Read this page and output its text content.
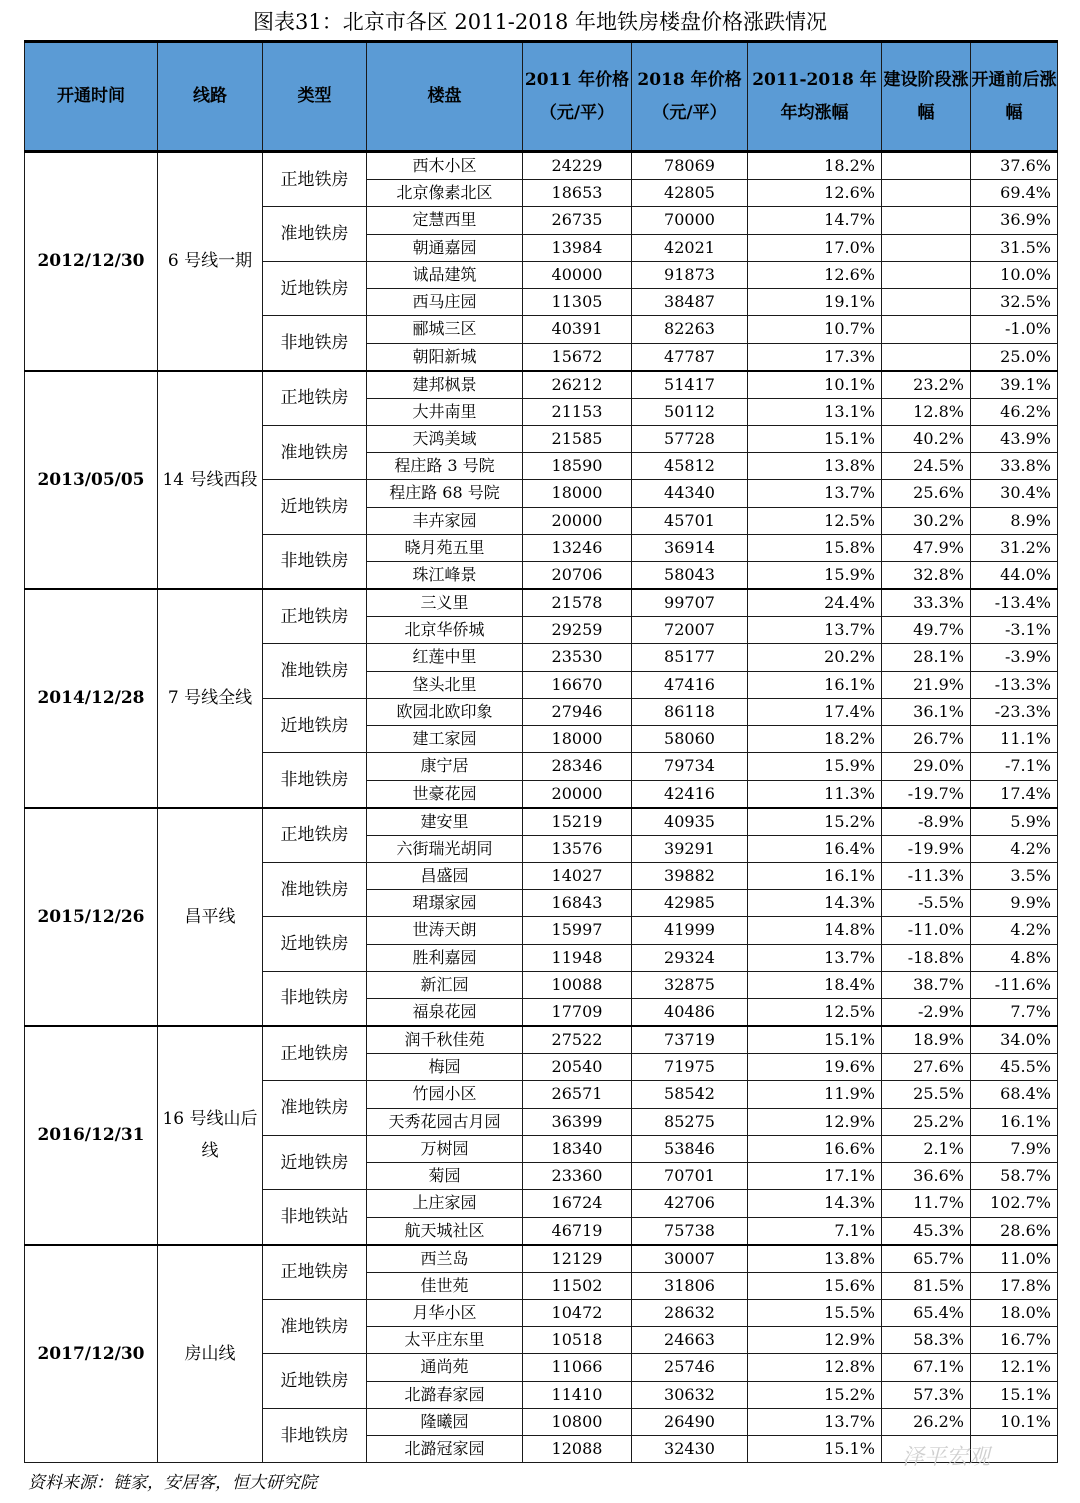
图表31：北京市各区 2011-2018 年地铁房楼盘价格涨跌情况
开通时间	线路	类型	楼盘	2011 年价格（元/平）	2018 年价格（元/平）	2011-2018 年年均涨幅	建设阶段涨幅	开通前后涨幅
2012/12/30	6 号线一期	正地铁房	西木小区	24229	78069	18.2%		37.6%
			北京像素北区	18653	42805	12.6%		69.4%
		准地铁房	定慧西里	26735	70000	14.7%		36.9%
			朝通嘉园	13984	42021	17.0%		31.5%
		近地铁房	诚品建筑	40000	91873	12.6%		10.0%
			西马庄园	11305	38487	19.1%		32.5%
		非地铁房	郦城三区	40391	82263	10.7%		-1.0%
			朝阳新城	15672	47787	17.3%		25.0%
2013/05/05	14 号线西段	正地铁房	建邦枫景	26212	51417	10.1%	23.2%	39.1%
			大井南里	21153	50112	13.1%	12.8%	46.2%
		准地铁房	天鸿美域	21585	57728	15.1%	40.2%	43.9%
			程庄路 3 号院	18590	45812	13.8%	24.5%	33.8%
		近地铁房	程庄路 68 号院	18000	44340	13.7%	25.6%	30.4%
			丰卉家园	20000	45701	12.5%	30.2%	8.9%
		非地铁房	晓月苑五里	13246	36914	15.8%	47.9%	31.2%
			珠江峰景	20706	58043	15.9%	32.8%	44.0%
2014/12/28	7 号线全线	正地铁房	三义里	21578	99707	24.4%	33.3%	-13.4%
			北京华侨城	29259	72007	13.7%	49.7%	-3.1%
		准地铁房	红莲中里	23530	85177	20.2%	28.1%	-3.9%
			垡头北里	16670	47416	16.1%	21.9%	-13.3%
		近地铁房	欧园北欧印象	27946	86118	17.4%	36.1%	-23.3%
			建工家园	18000	58060	18.2%	26.7%	11.1%
		非地铁房	康宁居	28346	79734	15.9%	29.0%	-7.1%
			世豪花园	20000	42416	11.3%	-19.7%	17.4%
2015/12/26	昌平线	正地铁房	建安里	15219	40935	15.2%	-8.9%	5.9%
			六街瑞光胡同	13576	39291	16.4%	-19.9%	4.2%
		准地铁房	昌盛园	14027	39882	16.1%	-11.3%	3.5%
			珺璟家园	16843	42985	14.3%	-5.5%	9.9%
		近地铁房	世涛天朗	15997	41999	14.8%	-11.0%	4.2%
			胜利嘉园	11948	29324	13.7%	-18.8%	4.8%
		非地铁房	新汇园	10088	32875	18.4%	38.7%	-11.6%
			福泉花园	17709	40486	12.5%	-2.9%	7.7%
2016/12/31	16 号线山后线	正地铁房	润千秋佳苑	27522	73719	15.1%	18.9%	34.0%
			梅园	20540	71975	19.6%	27.6%	45.5%
		准地铁房	竹园小区	26571	58542	11.9%	25.5%	68.4%
			天秀花园古月园	36399	85275	12.9%	25.2%	16.1%
		近地铁房	万树园	18340	53846	16.6%	2.1%	7.9%
			菊园	23360	70701	17.1%	36.6%	58.7%
		非地铁站	上庄家园	16724	42706	14.3%	11.7%	102.7%
			航天城社区	46719	75738	7.1%	45.3%	28.6%
2017/12/30	房山线	正地铁房	西兰岛	12129	30007	13.8%	65.7%	11.0%
			佳世苑	11502	31806	15.6%	81.5%	17.8%
		准地铁房	月华小区	10472	28632	15.5%	65.4%	18.0%
			太平庄东里	10518	24663	12.9%	58.3%	16.7%
		近地铁房	通尚苑	11066	25746	12.8%	67.1%	12.1%
			北潞春家园	11410	30632	15.2%	57.3%	15.1%
		非地铁房	隆曦园	10800	26490	13.7%	26.2%	10.1%
			北潞冠家园	12088	32430	15.1%		
资料来源：链家，安居客，恒大研究院
泽平宏观
